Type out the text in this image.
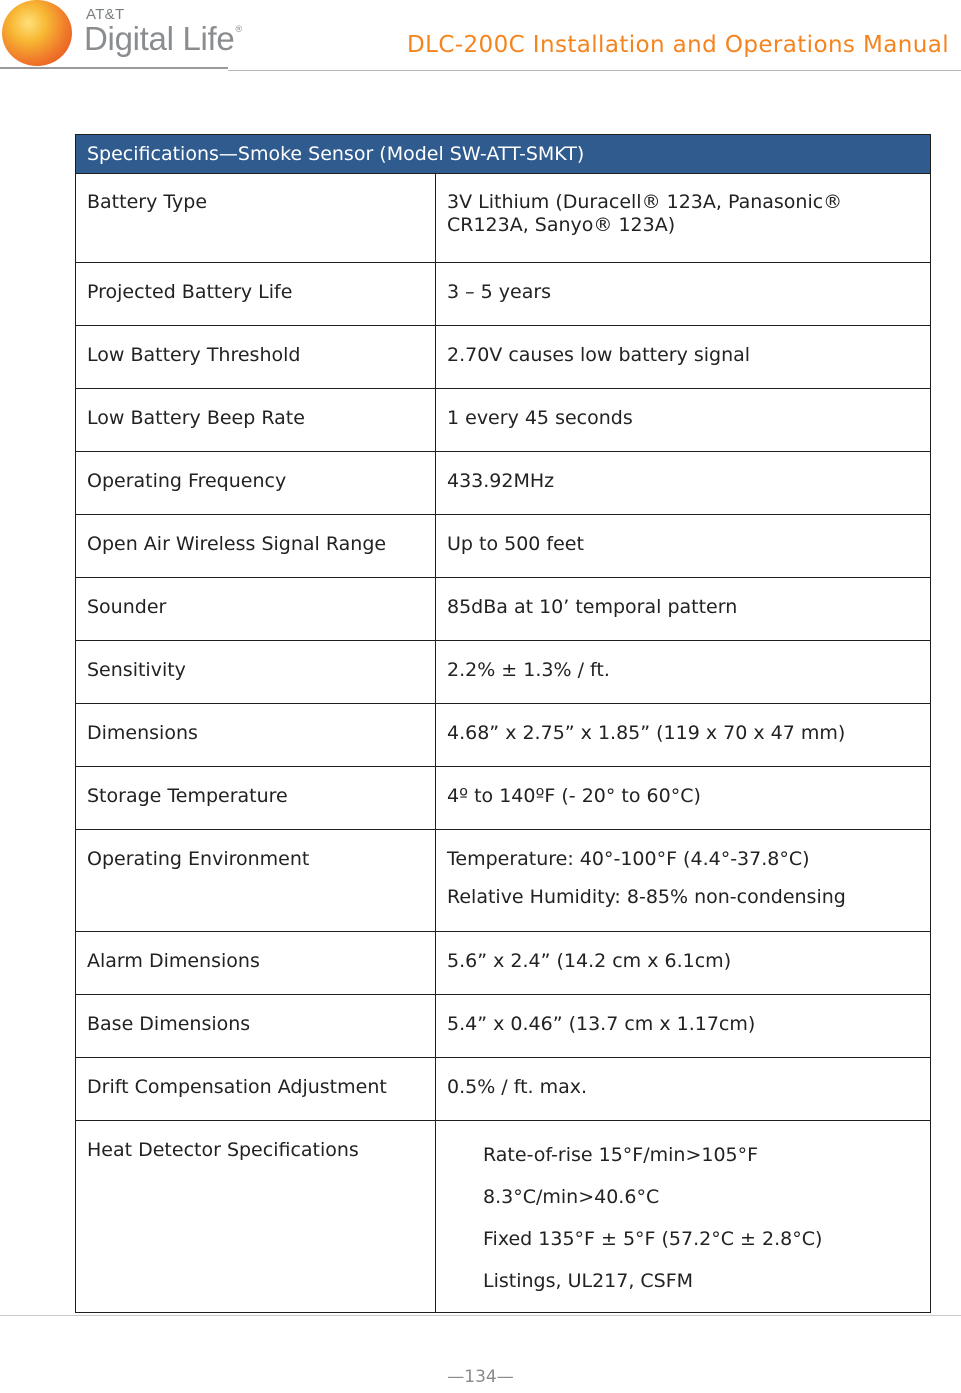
AT&T
Digital Life®
DLC-200C Installation and Operations Manual
Specifications—Smoke Sensor (Model SW-ATT-SMKT)	
Battery Type	3V Lithium (Duracell® 123A, Panasonic® CR123A, Sanyo® 123A)
Projected Battery Life	3 – 5 years
Low Battery Threshold	2.70V causes low battery signal
Low Battery Beep Rate	1 every 45 seconds
Operating Frequency	433.92MHz
Open Air Wireless Signal Range	Up to 500 feet
Sounder	85dBa at 10’ temporal pattern
Sensitivity	2.2% ± 1.3% / ft.
Dimensions	4.68” x 2.75” x 1.85” (119 x 70 x 47 mm)
Storage Temperature	4º to 140ºF (- 20° to 60°C)
Operating Environment	Temperature: 40°-100°F (4.4°-37.8°C)
Relative Humidity: 8-85% non-condensing

Alarm Dimensions	5.6” x 2.4” (14.2 cm x 6.1cm)
Base Dimensions	5.4” x 0.46” (13.7 cm x 1.17cm)
Drift Compensation Adjustment	0.5% / ft. max.
Heat Detector Specifications	Rate-of-rise 15°F/min>105°F
8.3°C/min>40.6°C
Fixed 135°F ± 5°F (57.2°C ± 2.8°C)
Listings, UL217, CSFM
—134—
